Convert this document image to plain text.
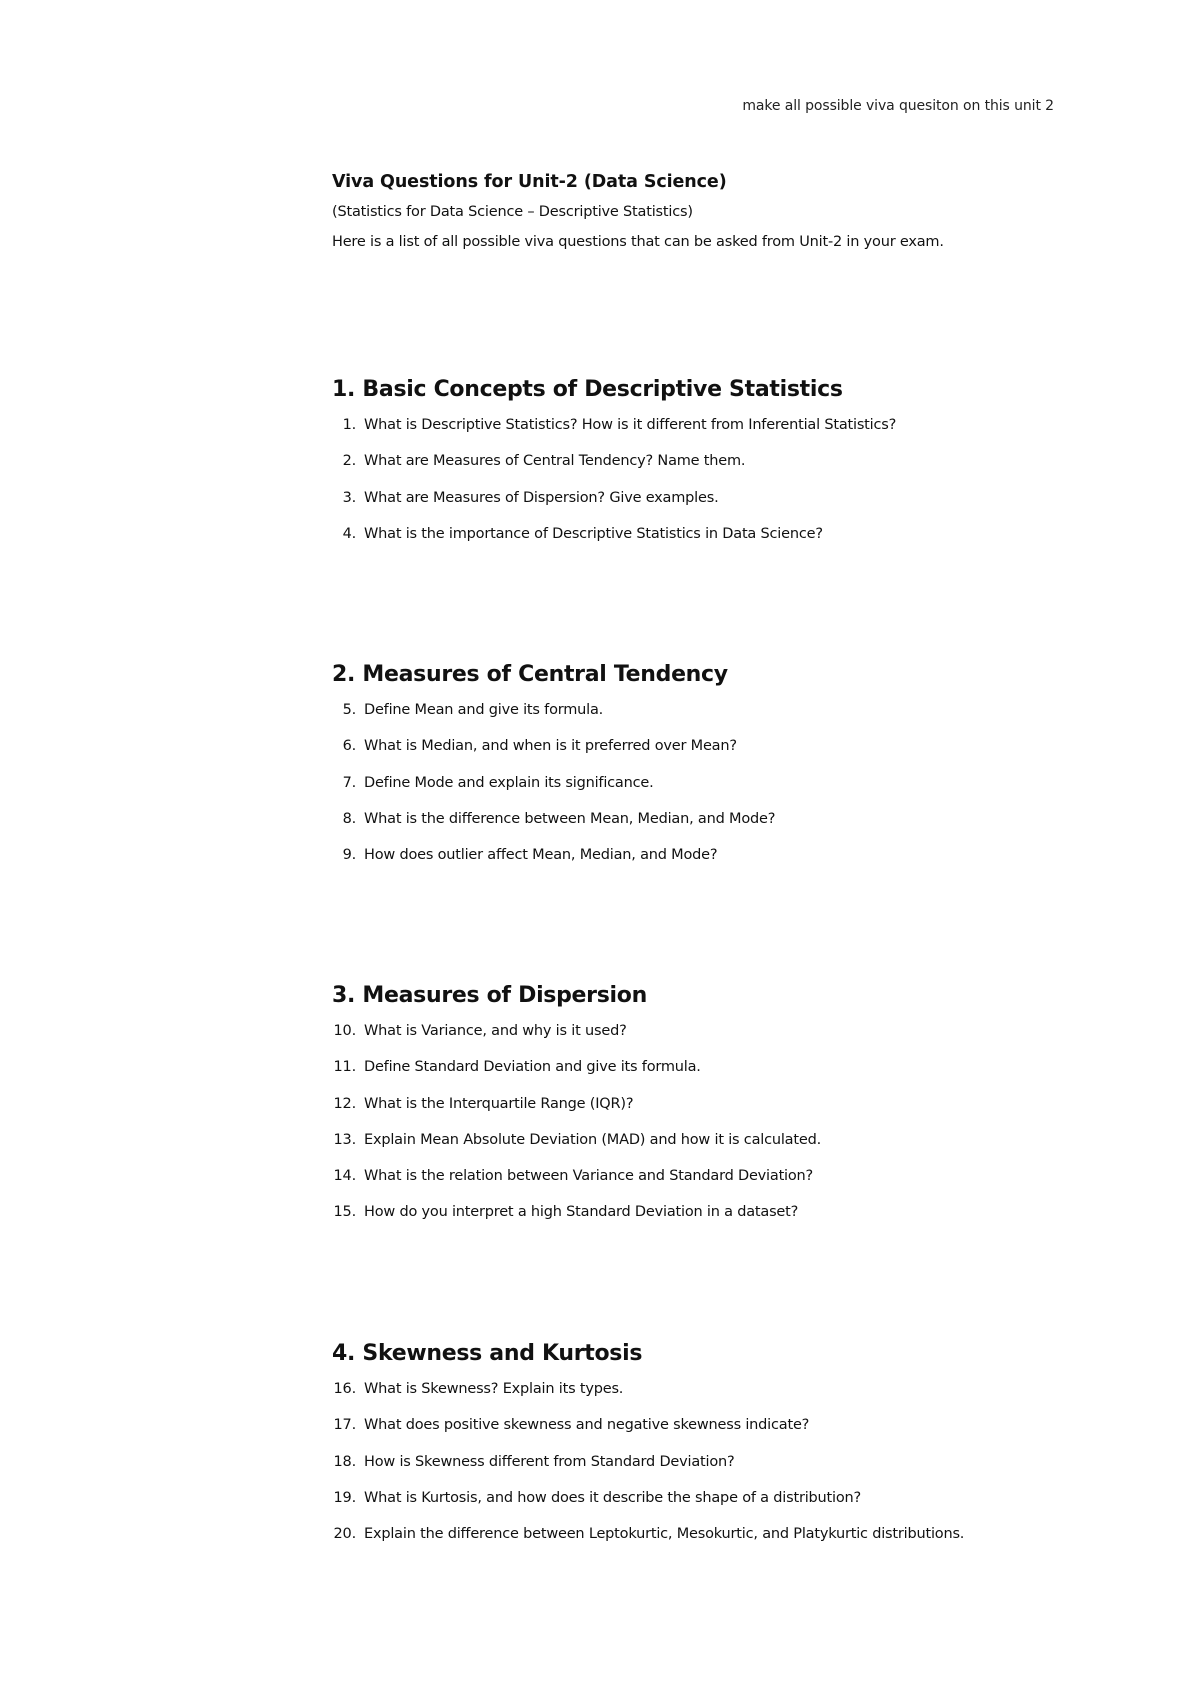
make all possible viva quesiton on this unit 2
Viva Questions for Unit-2 (Data Science)
(Statistics for Data Science – Descriptive Statistics)
Here is a list of all possible viva questions that can be asked from Unit-2 in your exam.
1. Basic Concepts of Descriptive Statistics
1. What is Descriptive Statistics? How is it different from Inferential Statistics?
2. What are Measures of Central Tendency? Name them.
3. What are Measures of Dispersion? Give examples.
4. What is the importance of Descriptive Statistics in Data Science?
2. Measures of Central Tendency
5. Define Mean and give its formula.
6. What is Median, and when is it preferred over Mean?
7. Define Mode and explain its significance.
8. What is the difference between Mean, Median, and Mode?
9. How does outlier affect Mean, Median, and Mode?
3. Measures of Dispersion
10. What is Variance, and why is it used?
11. Define Standard Deviation and give its formula.
12. What is the Interquartile Range (IQR)?
13. Explain Mean Absolute Deviation (MAD) and how it is calculated.
14. What is the relation between Variance and Standard Deviation?
15. How do you interpret a high Standard Deviation in a dataset?
4. Skewness and Kurtosis
16. What is Skewness? Explain its types.
17. What does positive skewness and negative skewness indicate?
18. How is Skewness different from Standard Deviation?
19. What is Kurtosis, and how does it describe the shape of a distribution?
20. Explain the difference between Leptokurtic, Mesokurtic, and Platykurtic distributions.
